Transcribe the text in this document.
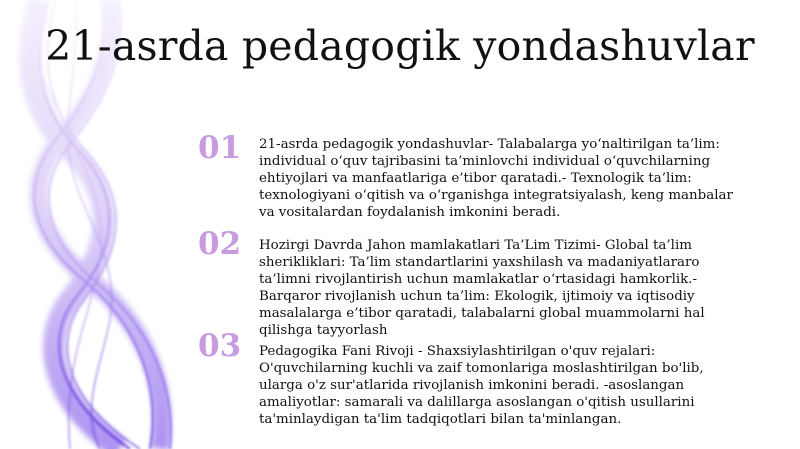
21-asrda pedagogik yondashuvlar
01	21-asrda pedagogik yondashuvlar- Talabalarga yo‘naltirilgan ta’lim: individual o‘quv tajribasini ta’minlovchi individual o‘quvchilarning ehtiyojlari va manfaatlariga e’tibor qaratadi.- Texnologik ta’lim: texnologiyani o‘qitish va o‘rganishga integratsiyalash, keng manbalar va vositalardan foydalanish imkonini beradi.

02	Hozirgi Davrda Jahon mamlakatlari Ta’Lim Tizimi- Global ta’lim sherikliklari: Ta’lim standartlarini yaxshilash va madaniyatlararo ta’limni rivojlantirish uchun mamlakatlar o‘rtasidagi hamkorlik.- Barqaror rivojlanish uchun ta’lim: Ekologik, ijtimoiy va iqtisodiy masalalarga e’tibor qaratadi, talabalarni global muammolarni hal qilishga tayyorlash

03	Pedagogika Fani Rivoji - Shaxsiylashtirilgan o'quv rejalari: O'quvchilarning kuchli va zaif tomonlariga moslashtirilgan bo'lib, ularga o'z sur'atlarida rivojlanish imkonini beradi. -asoslangan amaliyotlar: samarali va dalillarga asoslangan o'qitish usullarini ta'minlaydigan ta'lim tadqiqotlari bilan ta'minlangan.
